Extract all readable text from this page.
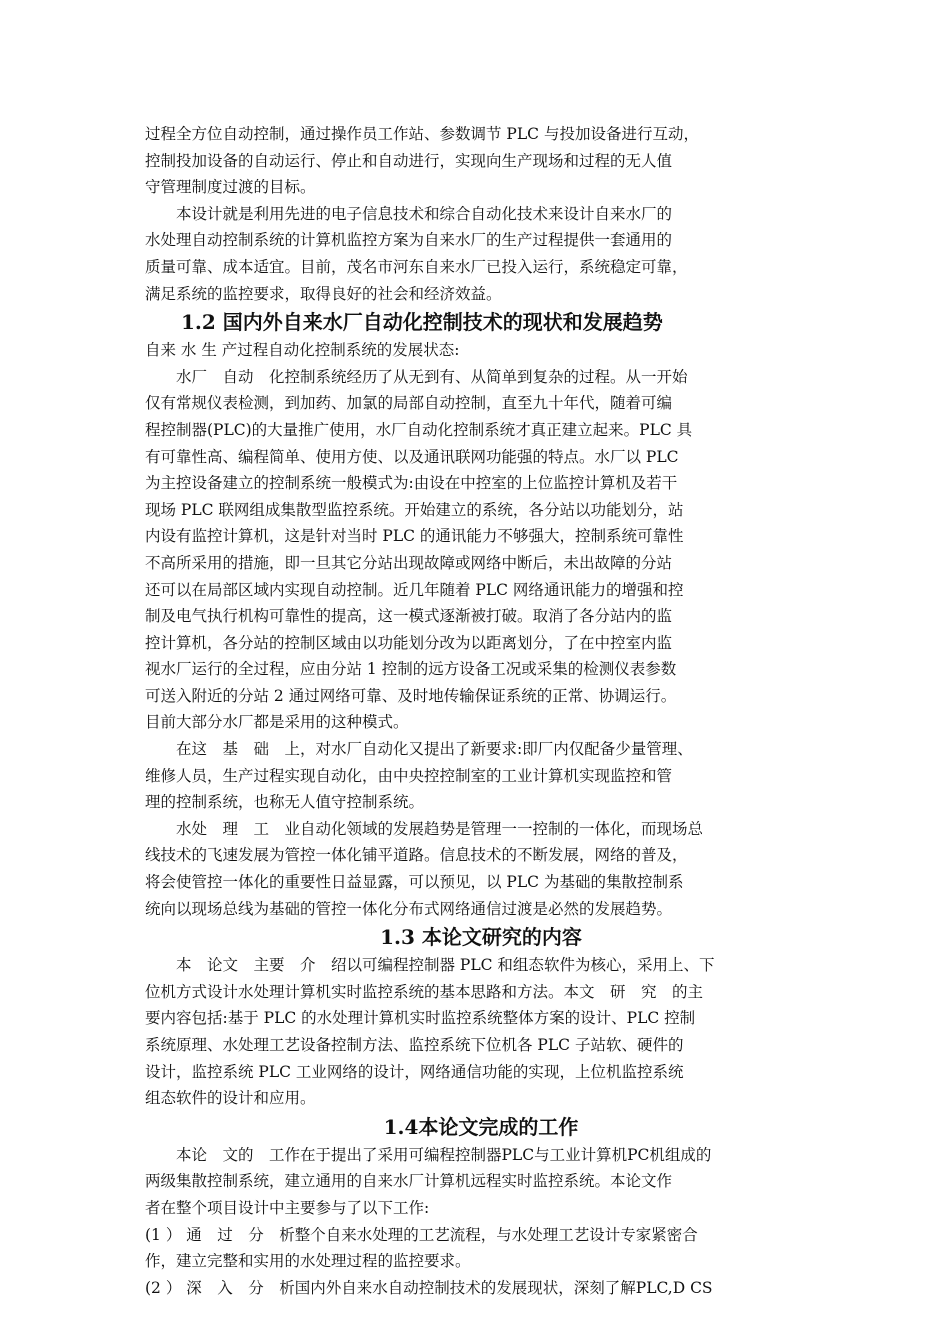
过程全方位自动控制，通过操作员工作站、参数调节 PLC 与投加设备进行互动，
控制投加设备的自动运行、停止和自动进行，实现向生产现场和过程的无人值
守管理制度过渡的目标。

　　本设计就是利用先进的电子信息技术和综合自动化技术来设计自来水厂的
水处理自动控制系统的计算机监控方案为自来水厂的生产过程提供一套通用的
质量可靠、成本适宜。目前，茂名市河东自来水厂已投入运行，系统稳定可靠，
满足系统的监控要求，取得良好的社会和经济效益。

1.2 国内外自来水厂自动化控制技术的现状和发展趋势

自来 水 生 产过程自动化控制系统的发展状态:

　　水厂　自动　化控制系统经历了从无到有、从简单到复杂的过程。从一开始
仅有常规仪表检测，到加药、加氯的局部自动控制，直至九十年代，随着可编
程控制器(PLC)的大量推广使用，水厂自动化控制系统才真正建立起来。PLC 具
有可靠性高、编程简单、使用方使、以及通讯联网功能强的特点。水厂以 PLC
为主控设备建立的控制系统一般模式为:由设在中控室的上位监控计算机及若干
现场 PLC 联网组成集散型监控系统。开始建立的系统，各分站以功能划分，站
内设有监控计算机，这是针对当时 PLC 的通讯能力不够强大，控制系统可靠性
不高所采用的措施，即一旦其它分站出现故障或网络中断后，未出故障的分站
还可以在局部区域内实现自动控制。近几年随着 PLC 网络通讯能力的增强和控
制及电气执行机构可靠性的提高，这一模式逐渐被打破。取消了各分站内的监
控计算机，各分站的控制区域由以功能划分改为以距离划分，了在中控室内监
视水厂运行的全过程，应由分站 1 控制的远方设备工况或采集的检测仪表参数
可送入附近的分站 2 通过网络可靠、及时地传输保证系统的正常、协调运行。
目前大部分水厂都是采用的这种模式。

　　在这　基　础　上，对水厂自动化又提出了新要求:即厂内仅配备少量管理、
维修人员，生产过程实现自动化，由中央控控制室的工业计算机实现监控和管
理的控制系统，也称无人值守控制系统。

　　水处　理　工　业自动化领域的发展趋势是管理一一控制的一体化，而现场总
线技术的飞速发展为管控一体化铺平道路。信息技术的不断发展，网络的普及，
将会使管控一体化的重要性日益显露，可以预见，以 PLC 为基础的集散控制系
统向以现场总线为基础的管控一体化分布式网络通信过渡是必然的发展趋势。

1.3 本论文研究的内容

　　本　论文　主要　介　绍以可编程控制器 PLC 和组态软件为核心，采用上、下
位机方式设计水处理计算机实时监控系统的基本思路和方法。本文　研　究　的主
要内容包括:基于 PLC 的水处理计算机实时监控系统整体方案的设计、PLC 控制
系统原理、水处理工艺设备控制方法、监控系统下位机各 PLC 子站软、硬件的
设计，监控系统 PLC 工业网络的设计，网络通信功能的实现，上位机监控系统
组态软件的设计和应用。

1.4本论文完成的工作

　　本论　文的　工作在于提出了采用可编程控制器PLC与工业计算机PC机组成的
两级集散控制系统，建立通用的自来水厂计算机远程实时监控系统。本论文作
者在整个项目设计中主要参与了以下工作:

(1 ） 通　过　分　析整个自来水处理的工艺流程，与水处理工艺设计专家紧密合
作，建立完整和实用的水处理过程的监控要求。

(2 ） 深　入　分　析国内外自来水自动控制技术的发展现状，深刻了解PLC,D CS
